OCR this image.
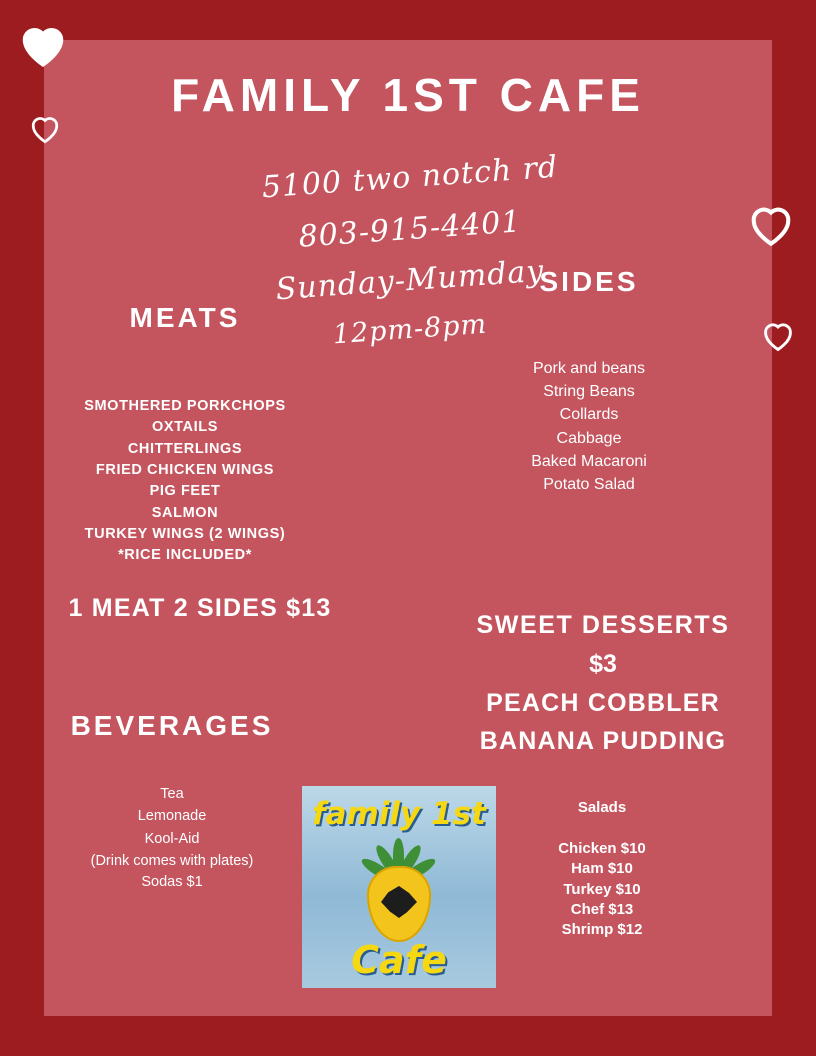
FAMILY 1ST CAFE
5100 two notch rd
803-915-4401
Sunday-Mumday
12pm-8pm
MEATS
SMOTHERED PORKCHOPS
OXTAILS
CHITTERLINGS
FRIED CHICKEN WINGS
PIG FEET
SALMON
TURKEY WINGS (2 WINGS)
*RICE INCLUDED*
1 MEAT 2 SIDES $13
SIDES
Pork and beans
String Beans
Collards
Cabbage
Baked Macaroni
Potato Salad
SWEET DESSERTS
$3
PEACH COBBLER
BANANA PUDDING
BEVERAGES
Tea
Lemonade
Kool-Aid
(Drink comes with plates)
Sodas $1
Salads
Chicken $10
Ham $10
Turkey $10
Chef $13
Shrimp $12
family 1st
Cafe
